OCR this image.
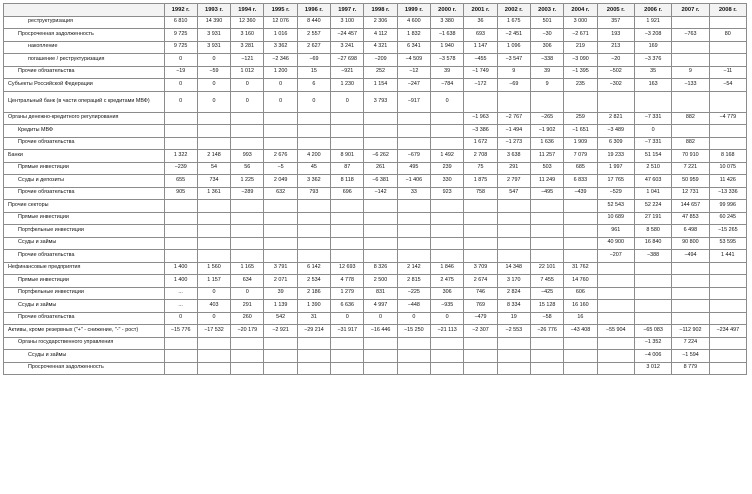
	1992 г.	1993 г.	1994 г.	1995 г.	1996 г.	1997 г.	1998 г.	1999 г.	2000 г.	2001 г.	2002 г.	2003 г.	2004 г.	2005 г.	2006 г.	2007 г.	2008 г.
реструктуризация	6 810	14 390	12 360	12 076	8 440	3 100	2 306	4 600	3 380	36	1 675	501	3 000	357	1 921		
Просроченная задолженность	9 725	3 931	3 160	1 016	2 557	−24 457	4 112	1 832	−1 638	693	−2 451	−30	−2 671	193	−3 208	−763	80
накопление	9 725	3 931	3 281	3 362	2 627	3 241	4 321	6 341	1 940	1 147	1 096	306	219	213	169		
погашение / реструктуризация	0	0	−121	−2 346	−69	−27 698	−209	−4 509	−3 578	−455	−3 547	−338	−3 090	−20	−3 376		
Прочие обязательства	−19	−59	1 012	1 200	15	−921	252	−12	39	−1 749	9	39	−1 395	−502	35	9	−11
Субъекты Российской Федерации	0	0	0	0	6	1 230	1 154	−247	−784	−172	−69	9	235	−302	163	−133	−54
Центральный банк (в части операций с кредитами МВФ)	0	0	0	0	0	0	3 793	−917	0								
Органы денежно-кредитного регулирования										−1 963	−2 767	−265	259	2 821	−7 331	882	−4 779
Кредиты МВФ										−3 386	−1 494	−1 902	−1 651	−3 489	0		
Прочие обязательства										1 672	−1 273	1 636	1 909	6 309	−7 331	882	
Банки	1 322	2 148	993	2 676	4 200	8 901	−6 262	−679	1 492	2 708	3 638	11 257	7 079	19 233	51 154	70 910	8 168
Прямые инвестиции	−239	54	56	−5	45	87	261	495	239	75	291	503	685	1 997	2 510	7 221	10 075
Ссуды и депозиты	655	734	1 225	2 049	3 362	8 118	−6 381	−1 406	330	1 875	2 797	11 249	6 833	17 765	47 603	50 959	11 426
Прочие обязательства	905	1 361	−289	632	793	696	−142	33	923	758	547	−495	−439	−529	1 041	12 731	−13 336
Прочие секторы														52 543	52 224	144 657	99 996
Прямые инвестиции														10 689	27 191	47 853	60 245
Портфельные инвестиции														961	8 580	6 498	−15 265
Ссуды и займы														40 900	16 840	90 800	53 595
Прочие обязательства														−207	−388	−494	1 441
Нефинансовые предприятия	1 400	1 560	1 165	3 791	6 142	12 693	8 326	2 142	1 846	3 709	14 348	22 101	31 762				
Прямые инвестиции	1 400	1 157	634	2 071	2 534	4 778	2 500	2 815	2 475	2 674	3 170	7 455	14 760				
Портфельные инвестиции	...	0	0	39	2 186	1 279	831	−225	306	746	2 824	−425	606				
Ссуды и займы	...	403	291	1 139	1 390	6 636	4 997	−448	−935	769	8 334	15 128	16 160				
Прочие обязательства	0	0	260	542	31	0	0	0	0	−479	19	−58	16				
Активы, кроме резервных ("+" - снижение, "-" - рост)	−15 776	−17 532	−20 179	−2 921	−29 214	−31 917	−16 446	−15 250	−21 113	−2 307	−2 553	−26 776	−43 408	−55 904	−65 083	−112 902	−234 497
Органы государственного управления															−1 352	7 224	
Ссуды и займы															−4 006	−1 594	
Просроченная задолженность															3 012	8 779	
